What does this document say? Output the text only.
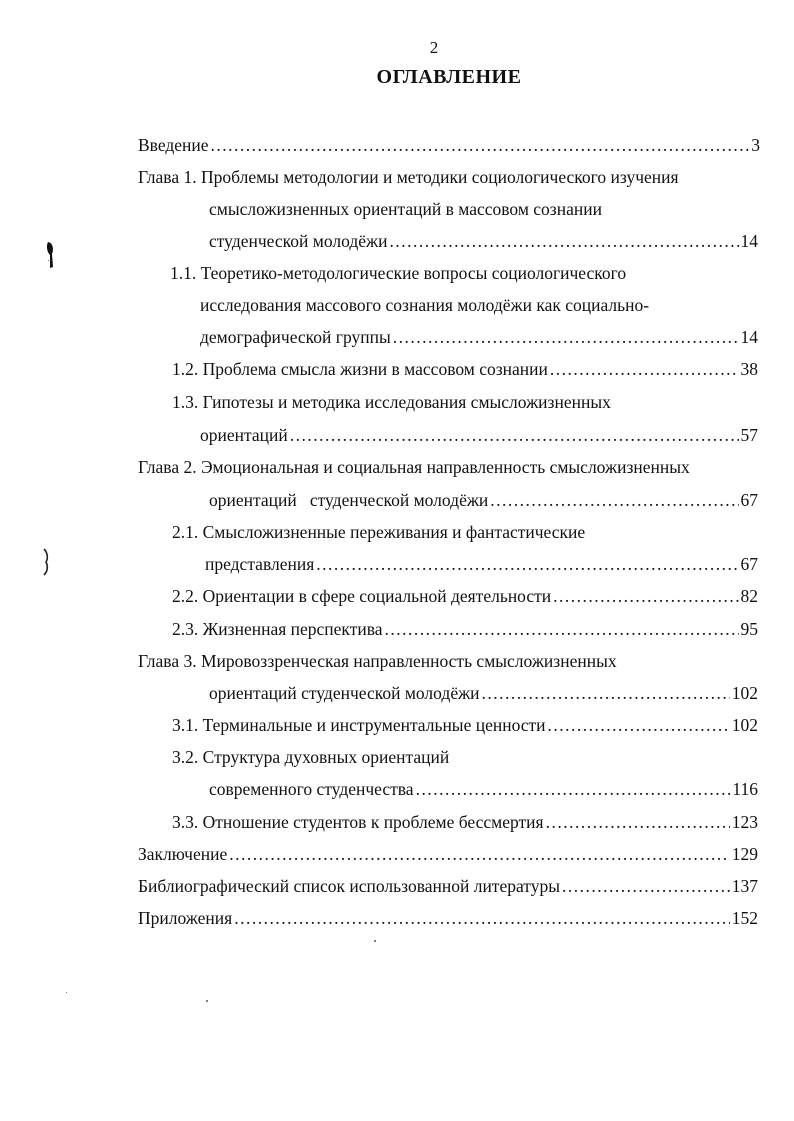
2
ОГЛАВЛЕНИЕ
Введение .....	3
Глава 1. Проблемы методологии и методики социологического изучения
смысложизненных ориентаций в массовом сознании
студенческой молодёжи .....	14
1.1. Теоретико-методологические вопросы социологического
исследования массового сознания молодёжи как социально-
демографической группы .....	14
1.2. Проблема смысла жизни в массовом сознании .....	38
1.3. Гипотезы и методика исследования смысложизненных
ориентаций .....	57
Глава 2. Эмоциональная и социальная направленность смысложизненных
ориентаций   студенческой молодёжи .....	67
2.1. Смысложизненные переживания и фантастические
представления .....	67
2.2. Ориентации в сфере социальной деятельности .....	82
2.3. Жизненная перспектива .....	95
Глава 3. Мировоззренческая направленность смысложизненных
ориентаций студенческой молодёжи .....	102
3.1. Терминальные и инструментальные ценности .....	102
3.2. Структура духовных ориентаций
современного студенчества .....	116
3.3. Отношение студентов к проблеме бессмертия .....	123
Заключение .....	129
Библиографический список использованной литературы .....	137
Приложения .....	152
